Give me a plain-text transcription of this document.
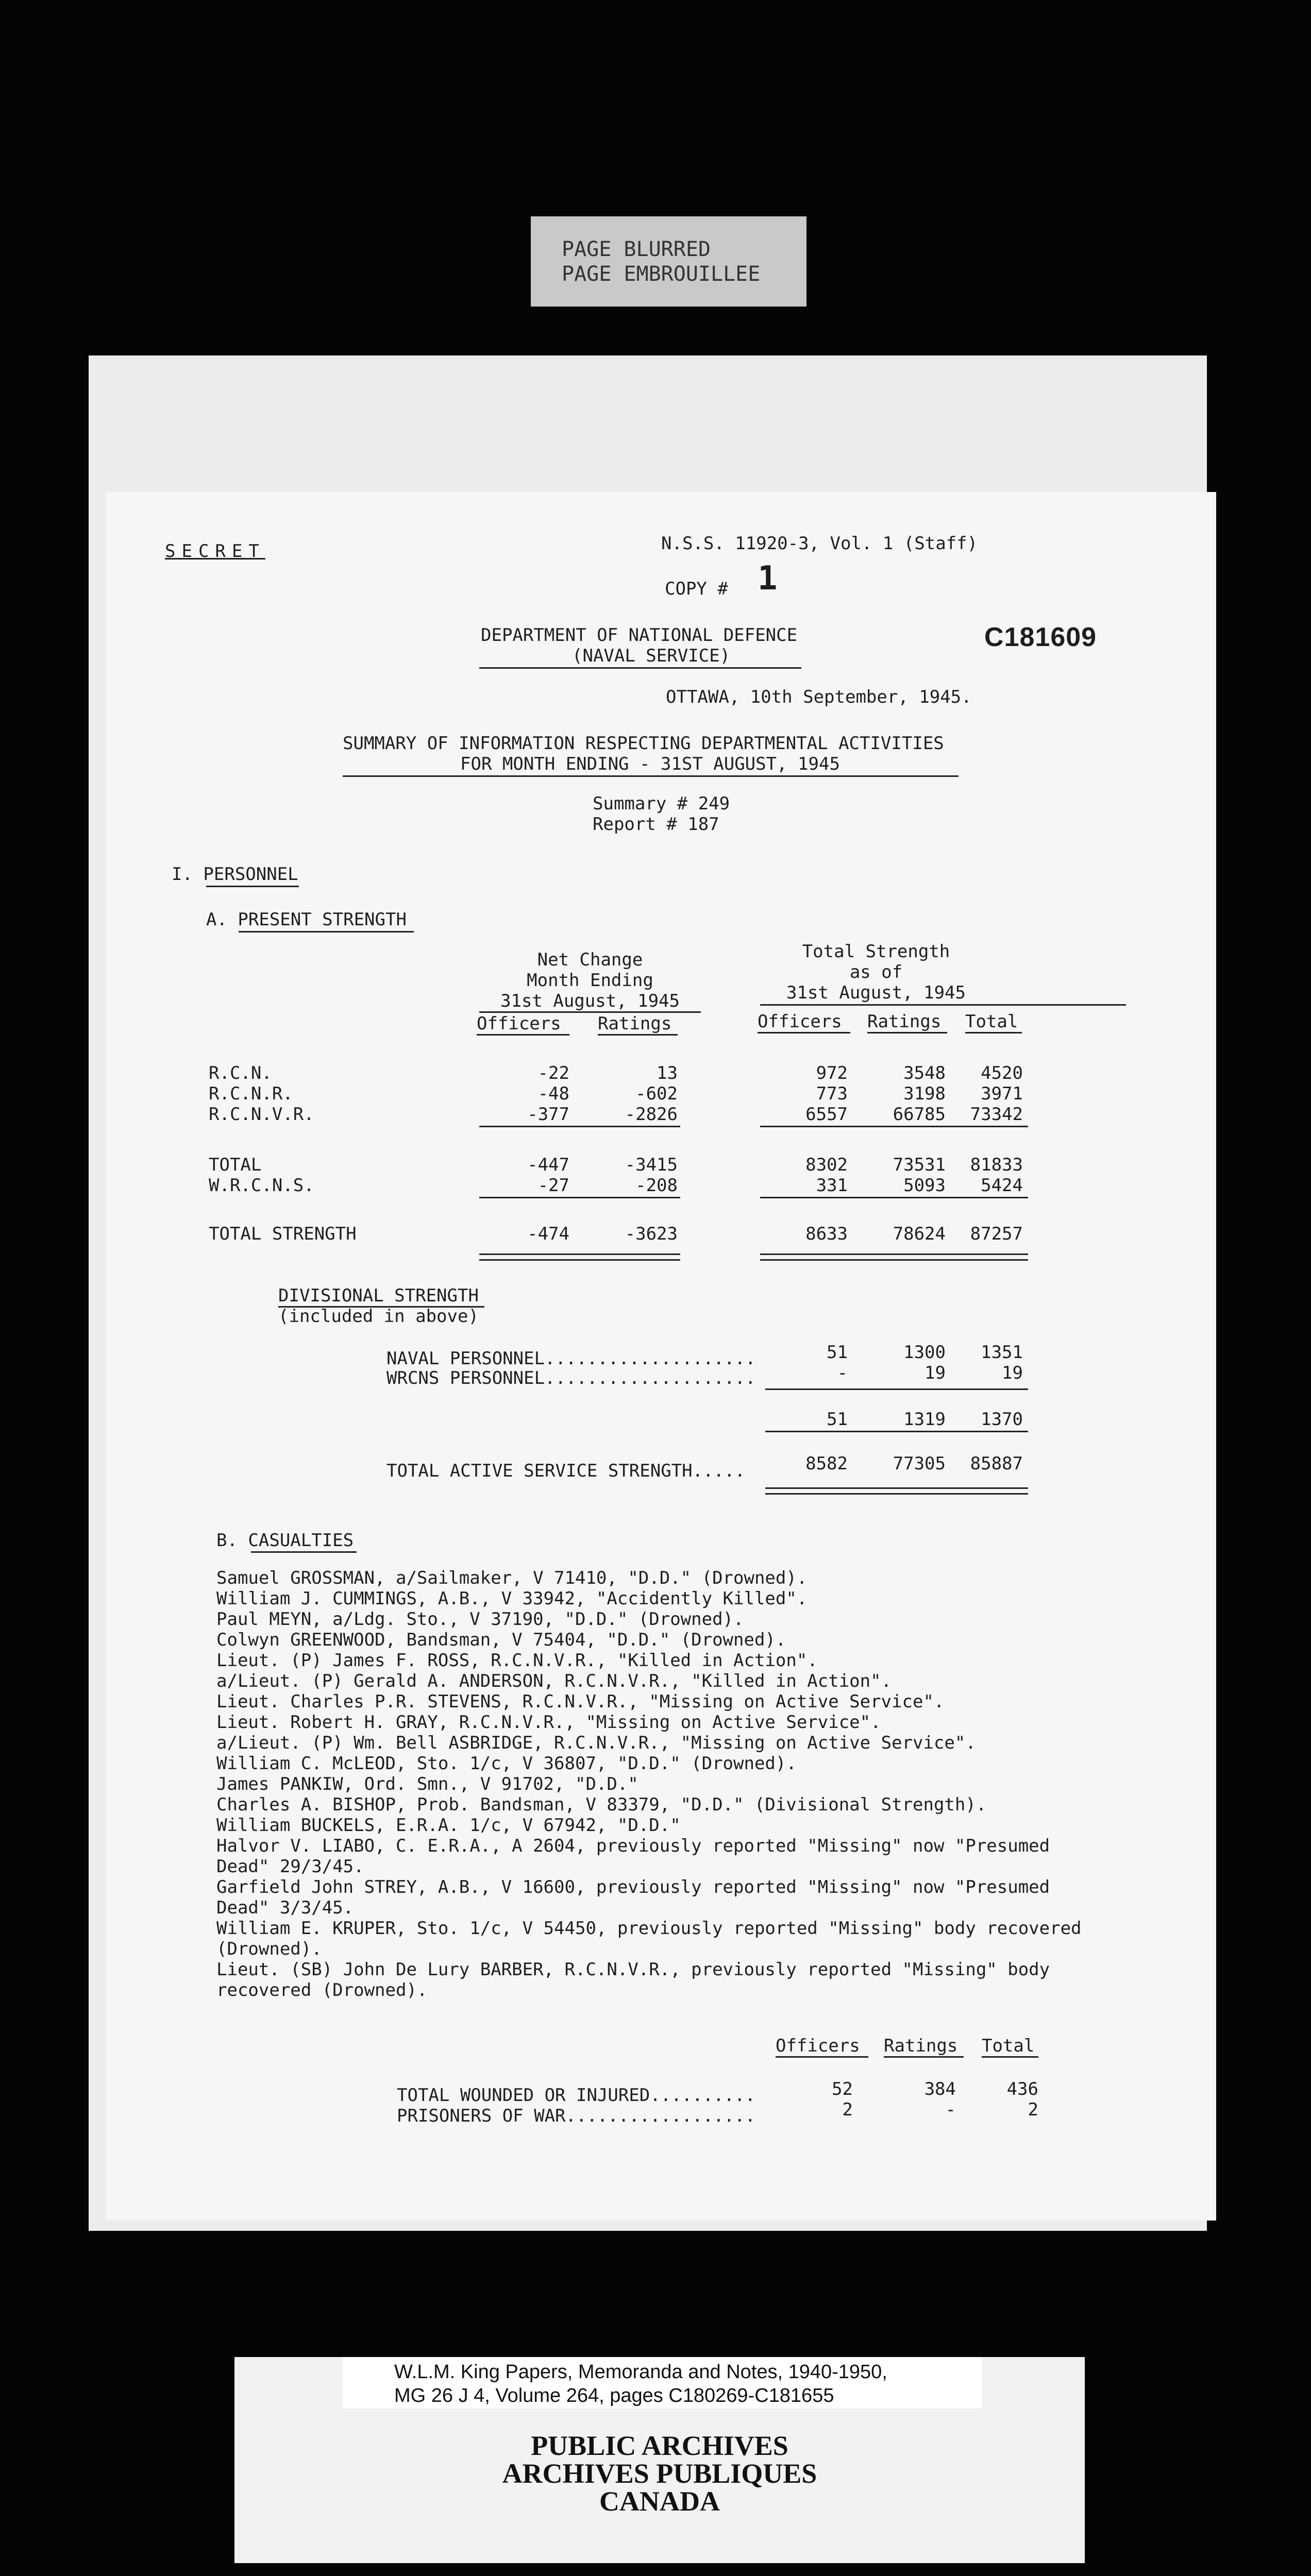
PAGE BLURRED
PAGE EMBROUILLEE
SECRET	N.S.S. 11920-3, Vol. 1 (Staff)
COPY # 1
DEPARTMENT OF NATIONAL DEFENCE
(NAVAL SERVICE)
C181609
OTTAWA, 10th September, 1945.
SUMMARY OF INFORMATION RESPECTING DEPARTMENTAL ACTIVITIES
FOR MONTH ENDING - 31ST AUGUST, 1945
Summary # 249
Report # 187
I. PERSONNEL
A. PRESENT STRENGTH
Net Change
Month Ending
31st August, 1945
Officers Ratings
Total Strength
as of
31st August, 1945
Officers Ratings Total
R.C.N.	-22	13	972	3548	4520
R.C.N.R.	-48	-602	773	3198	3971
R.C.N.V.R.	-377	-2826	6557	66785	73342
TOTAL	-447	-3415	8302	73531	81833
W.R.C.N.S.	-27	-208	331	5093	5424
TOTAL STRENGTH	-474	-3623	8633	78624	87257
DIVISIONAL STRENGTH
(included in above)
NAVAL PERSONNEL....................	51	1300	1351
WRCNS PERSONNEL....................	-	19	19
51	1319	1370
TOTAL ACTIVE SERVICE STRENGTH.....	8582	77305	85887
B. CASUALTIES
Samuel GROSSMAN, a/Sailmaker, V 71410, "D.D." (Drowned).
William J. CUMMINGS, A.B., V 33942, "Accidently Killed".
Paul MEYN, a/Ldg. Sto., V 37190, "D.D." (Drowned).
Colwyn GREENWOOD, Bandsman, V 75404, "D.D." (Drowned).
Lieut. (P) James F. ROSS, R.C.N.V.R., "Killed in Action".
a/Lieut. (P) Gerald A. ANDERSON, R.C.N.V.R., "Killed in Action".
Lieut. Charles P.R. STEVENS, R.C.N.V.R., "Missing on Active Service".
Lieut. Robert H. GRAY, R.C.N.V.R., "Missing on Active Service".
a/Lieut. (P) Wm. Bell ASBRIDGE, R.C.N.V.R., "Missing on Active Service".
William C. McLEOD, Sto. 1/c, V 36807, "D.D." (Drowned).
James PANKIW, Ord. Smn., V 91702, "D.D."
Charles A. BISHOP, Prob. Bandsman, V 83379, "D.D." (Divisional Strength).
William BUCKELS, E.R.A. 1/c, V 67942, "D.D."
Halvor V. LIABO, C. E.R.A., A 2604, previously reported "Missing" now "Presumed
Dead" 29/3/45.
Garfield John STREY, A.B., V 16600, previously reported "Missing" now "Presumed
Dead" 3/3/45.
William E. KRUPER, Sto. 1/c, V 54450, previously reported "Missing" body recovered
(Drowned).
Lieut. (SB) John De Lury BARBER, R.C.N.V.R., previously reported "Missing" body
recovered (Drowned).
Officers Ratings Total
TOTAL WOUNDED OR INJURED..........	52	384	436
PRISONERS OF WAR..................	2	-	2
W.L.M. King Papers, Memoranda and Notes, 1940-1950,
MG 26 J 4, Volume 264, pages C180269-C181655
PUBLIC ARCHIVES
ARCHIVES PUBLIQUES
CANADA
